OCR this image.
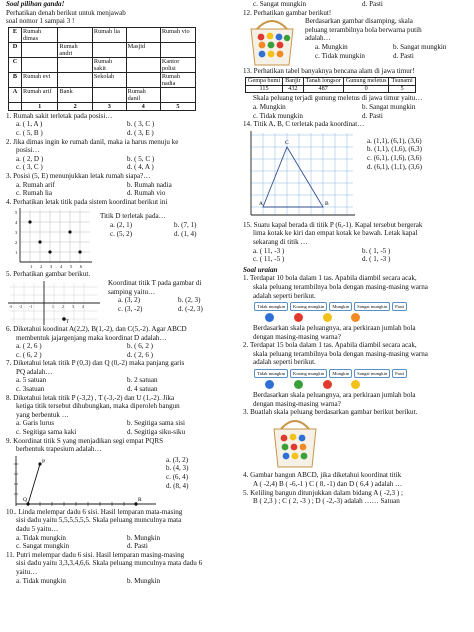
Soal pilihan ganda!
Perhatikan denah berikut untuk menjawab
soal nomor 1 sampai 3 !
E	Rumah dimas		Rumah lia		Rumah vio
D		Rumah andri		Masjid	
C			Rumah sakit		Kantor polisi
B	Rumah evi		Sekolah		Rumah nadia
A	Rumah arif	Bank		Rumah danil	
	1	2	3	4	5
1. Rumah sakit terletak pada posisi…
a. ( 1, A )	b. ( 3, C )
c. ( 5, B )	d. ( 3, E )
2. Jika dimas ingin ke rumah danil, maka ia harus menuju ke
posisi…
a. ( 2, D )	b. ( 5, C )
c. ( 3, C )	d. ( 4, A )
3. Posisi (5, E) menunjukkan letak rumah siapa?…
a. Rumah arif	b. Rumah nadia
c. Rumah lia	d. Rumah vio
4. Perhatikan letak titik pada sistem koordinat berikut ini
1 2 3 4 5 6
1
2
3
4
5	Titik D terletak pada…
a. (2, 1)	b. (7, 1)
c. (5, 2)	d. (1, 4)
5. Perhatikan gambar berikut.
T
-3 -2 -1	1 2 3 4
Koordinat titik T pada gambar di
samping yaitu…
a. (3, 2)	b. (2, 3)
c. (3, -2)	d. (-2, 3)
6. Diketahui koodinat A(2,2), B(1,-2), dan C(5,-2). Agar ABCD
membentuk jajargenjang maka koordinat D adalah…
a. ( 2, 6 )	b. ( 6, 2 )
c. ( 6, 2 )	d. ( 2, 6 )
7. Diketahui letak titik P (0,3) dan Q (0,-2) maka panjang garis
PQ adalah…
a. 5 satuan	b. 2 satuan
c. 3satuan	d. 4 satuan
8. Diketahui letak titik P (-3,2) , T (-3,-2) dan U (1,-2). Jika
ketiga titik tersebut dihubungkan, maka diperoleh bangun
yang berbentuk …
a. Garis lurus	b. Segitiga sama sisi
c. Segitiga sama kaki	d. Segitiga siku-siku
9. Koordinat titik S yang menjadikan segi empat PQRS
berbentuk trapesium adalah…
P
Q	R
a. (3, 2)
b. (4, 3)
c. (6, 4)
d. (8, 4)
10.. Linda melempar dadu 6 sisi. Hasil lemparan mata-masing
sisi dadu yaitu 5,5,5,5,5,5. Skala peluang munculnya mata
dadu 5 yaitu…
a. Tidak mungkin	b. Mungkin
c. Sangat mungkin	d. Pasti
11. Putri melempar dadu 6 sisi. Hasil lemparan masing-masing
sisi dadu yaitu 3,3,3,4,6,6. Skala peluang munculnya mata dadu 6
yaitu…
a. Tidak mungkin	b. Mungkin
c. Sangat mungkin	d. Pasti
12. Perhatikan gambar berikut!
Berdasarkan gambar disamping, skala
peluang terambilnya bola berwarna putih
adalah…
a. Mungkin	b. Sangat mungkin
c. Tidak mungkin	d. Pasti
13. Perhatikan tabel banyaknya bencana alam di jawa timur!
Gempa bumi	Banjir	Tanah longsor	Gunung meletus	Tsunami
115	432	487	0	5
Skala peluang terjadi gunung meletus di jawa timur yaitu…
a. Mungkin	b. Sangat mungkin
c. Tidak mungkin	d. Pasti
14. Titik A, B, C terletak pada koordinat…
A	B
C	a. (1,1), (6,1), (3,6)
b. (1,1), (1,6), (6,3)
c. (6,1), (1,6), (3,6)
d. (6,1), (1,1), (3,6)
15. Suatu kapal berada di titik P (6,-1). Kapal tersebut bergerak
lima kotak ke kiri dan empat kotak ke bawah. Letak kapal
sekarang di titik …
a. ( 11, -3 )	b. ( 1, -5 )
c. ( 11, -5 )	d. ( 1, -3 )
Soal uraian
1. Terdapat 10 bola dalam 1 tas. Apabila diambil secara acak,
skala peluang terambilnya bola dengan masing-masing warna
adalah seperti berikut.
Tidak mungkin Kurang mungkin Mungkin Sangat mungkin Pasti

Berdasarkan skala peluangnya, ara perkiraan jumlah bola
dengan masing-masing warna?
2. Terdapat 15 bola dalam 1 tas. Apabila diambil secara acak,
skala peluang terambilnya bola dengan masing-masing warna
adalah seperti berikut.
Tidak mungkin Kurang mungkin Mungkin Sangat mungkin Pasti

Berdasarkan skala peluangnya, ara perkiraan jumlah bola
dengan masing-masing warna?
3. Buatlah skala peluang berdasarkan gambar berikut berikut.
4. Gambar bangun ABCD, jika diketahui koordinat titik
A ( -2,4) B ( -6,-1 ) C ( 8, -1) dan D ( 6,4 ) adalah …
5. Keliling bangun ditunjukkan dalam bidang A ( -2,3 ) ;
B ( 2,3 ) ; C ( 2, -3 ) ; D ( -2,-3) adalah …… Satuan
